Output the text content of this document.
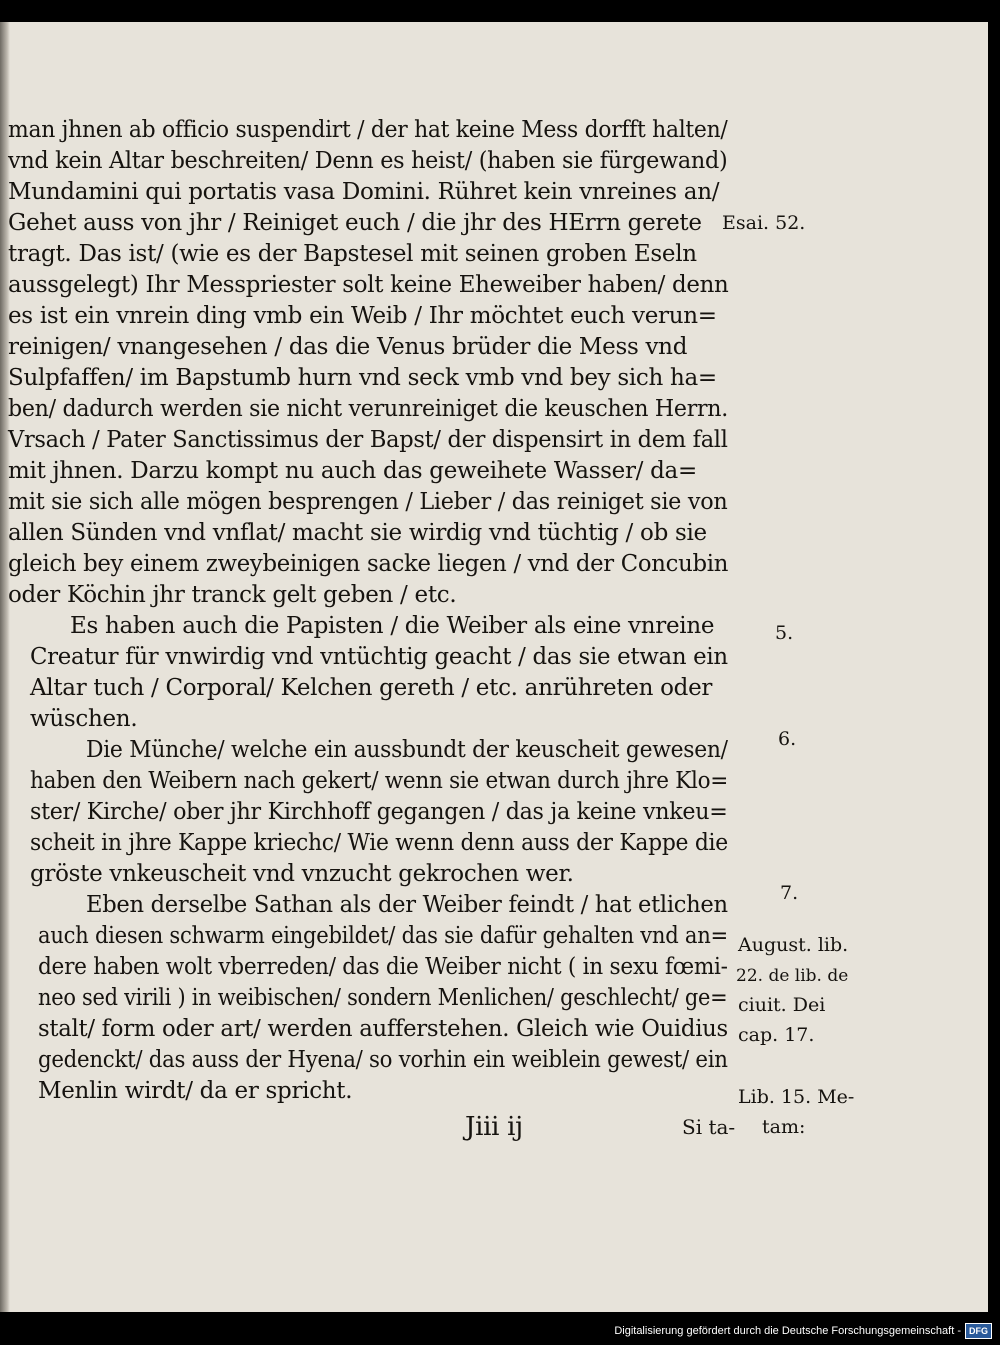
man jhnen ab officio suspendirt / der hat keine Mess dorfft halten/
vnd kein Altar beschreiten/ Denn es heist/ (haben sie fürgewand)
Mundamini qui portatis vasa Domini. Rühret kein vnreines an/
Gehet auss von jhr / Reiniget euch / die jhr des HErrn gerete
tragt. Das ist/ (wie es der Bapstesel mit seinen groben Eseln
aussgelegt) Ihr Messpriester solt keine Eheweiber haben/ denn
es ist ein vnrein ding vmb ein Weib / Ihr möchtet euch verun=
reinigen/ vnangesehen / das die Venus brüder die Mess vnd
Sulpfaffen/ im Bapstumb hurn vnd seck vmb vnd bey sich ha=
ben/ dadurch werden sie nicht verunreiniget die keuschen Herrn.
Vrsach / Pater Sanctissimus der Bapst/ der dispensirt in dem fall
mit jhnen. Darzu kompt nu auch das geweihete Wasser/ da=
mit sie sich alle mögen besprengen / Lieber / das reiniget sie von
allen Sünden vnd vnflat/ macht sie wirdig vnd tüchtig / ob sie
gleich bey einem zweybeinigen sacke liegen / vnd der Concubin
oder Köchin jhr tranck gelt geben / etc.
Es haben auch die Papisten / die Weiber als eine vnreine
Creatur für vnwirdig vnd vntüchtig geacht / das sie etwan ein
Altar tuch / Corporal/ Kelchen gereth / etc. anrühreten oder
wüschen.
Die Münche/ welche ein aussbundt der keuscheit gewesen/
haben den Weibern nach gekert/ wenn sie etwan durch jhre Klo=
ster/ Kirche/ ober jhr Kirchhoff gegangen / das ja keine vnkeu=
scheit in jhre Kappe kriechc/ Wie wenn denn auss der Kappe die
gröste vnkeuscheit vnd vnzucht gekrochen wer.
Eben derselbe Sathan als der Weiber feindt / hat etlichen
auch diesen schwarm eingebildet/ das sie dafür gehalten vnd an=
dere haben wolt vberreden/ das die Weiber nicht ( in sexu fœmi-
neo sed virili ) in weibischen/ sondern Menlichen/ geschlecht/ ge=
stalt/ form oder art/ werden aufferstehen. Gleich wie Ouidius
gedenckt/ das auss der Hyena/ so vorhin ein weiblein gewest/ ein
Menlin wirdt/ da er spricht.
Jiii ij	Si ta-
Esai. 52.
5.
6.
7.
August. lib.
22. de lib. de
ciuit. Dei
cap. 17.
Lib. 15. Me-
tam:
Digitalisierung gefördert durch die Deutsche Forschungsgemeinschaft - DFG
